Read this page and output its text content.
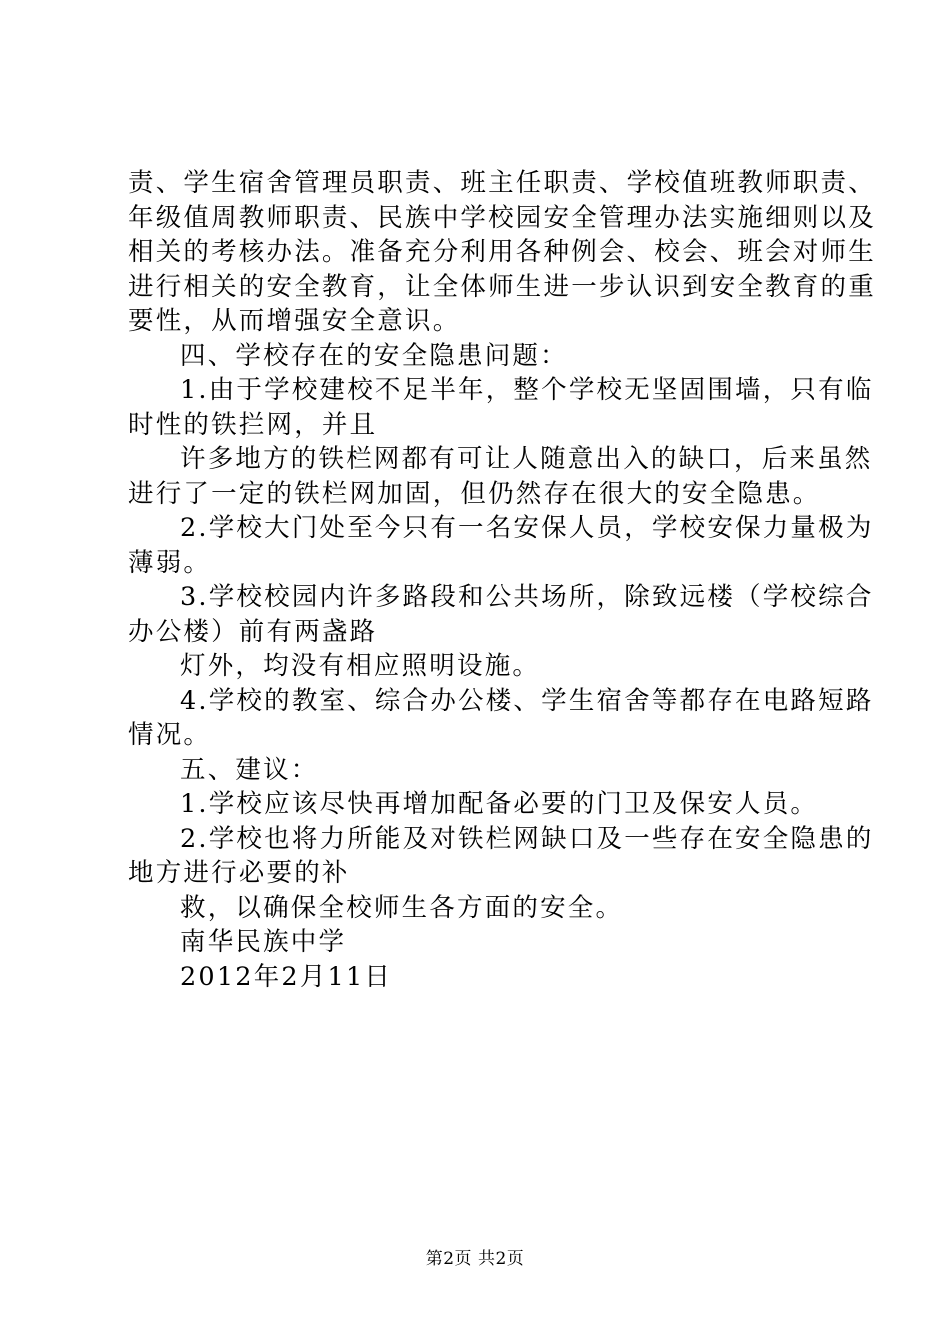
责、学生宿舍管理员职责、班主任职责、学校值班教师职责、
年级值周教师职责、民族中学校园安全管理办法实施细则以及
相关的考核办法。准备充分利用各种例会、校会、班会对师生
进行相关的安全教育，让全体师生进一步认识到安全教育的重
要性，从而增强安全意识。
四、学校存在的安全隐患问题：
1.由于学校建校不足半年，整个学校无坚固围墙，只有临
时性的铁拦网，并且
许多地方的铁栏网都有可让人随意出入的缺口，后来虽然
进行了一定的铁栏网加固，但仍然存在很大的安全隐患。
2.学校大门处至今只有一名安保人员，学校安保力量极为
薄弱。
3.学校校园内许多路段和公共场所，除致远楼（学校综合
办公楼）前有两盏路
灯外，均没有相应照明设施。
4.学校的教室、综合办公楼、学生宿舍等都存在电路短路
情况。
五、建议：
1.学校应该尽快再增加配备必要的门卫及保安人员。
2.学校也将力所能及对铁栏网缺口及一些存在安全隐患的
地方进行必要的补
救，以确保全校师生各方面的安全。
南华民族中学
2012年2月11日
第2页 共2页
